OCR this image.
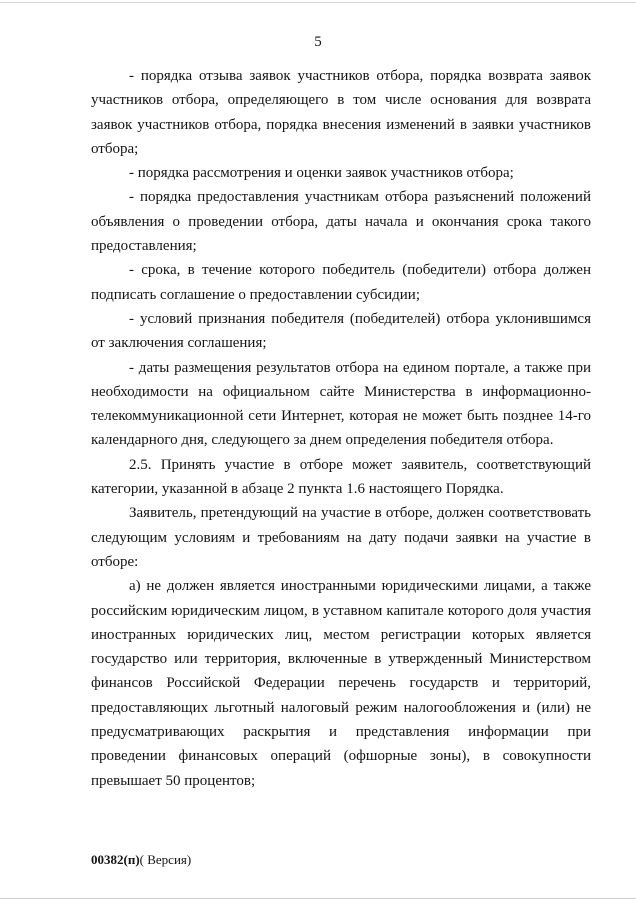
5

- порядка отзыва заявок участников отбора, порядка возврата заявок участников отбора, определяющего в том числе основания для возврата заявок участников отбора, порядка внесения изменений в заявки участников отбора;

- порядка рассмотрения и оценки заявок участников отбора;

- порядка предоставления участникам отбора разъяснений положений объявления о проведении отбора, даты начала и окончания срока такого предоставления;

- срока, в течение которого победитель (победители) отбора должен подписать соглашение о предоставлении субсидии;

- условий признания победителя (победителей) отбора уклонившимся от заключения соглашения;

- даты размещения результатов отбора на едином портале, а также при необходимости на официальном сайте Министерства в информационно-телекоммуникационной сети Интернет, которая не может быть позднее 14-го календарного дня, следующего за днем определения победителя отбора.

2.5. Принять участие в отборе может заявитель, соответствующий категории, указанной в абзаце 2 пункта 1.6 настоящего Порядка.

Заявитель, претендующий на участие в отборе, должен соответствовать следующим условиям и требованиям на дату подачи заявки на участие в отборе:

а) не должен является иностранными юридическими лицами, а также российским юридическим лицом, в уставном капитале которого доля участия иностранных юридических лиц, местом регистрации которых является государство или территория, включенные в утвержденный Министерством финансов Российской Федерации перечень государств и территорий, предоставляющих льготный налоговый режим налогообложения и (или) не предусматривающих раскрытия и представления информации при проведении финансовых операций (офшорные зоны), в совокупности превышает 50 процентов;

00382(п)( Версия)
